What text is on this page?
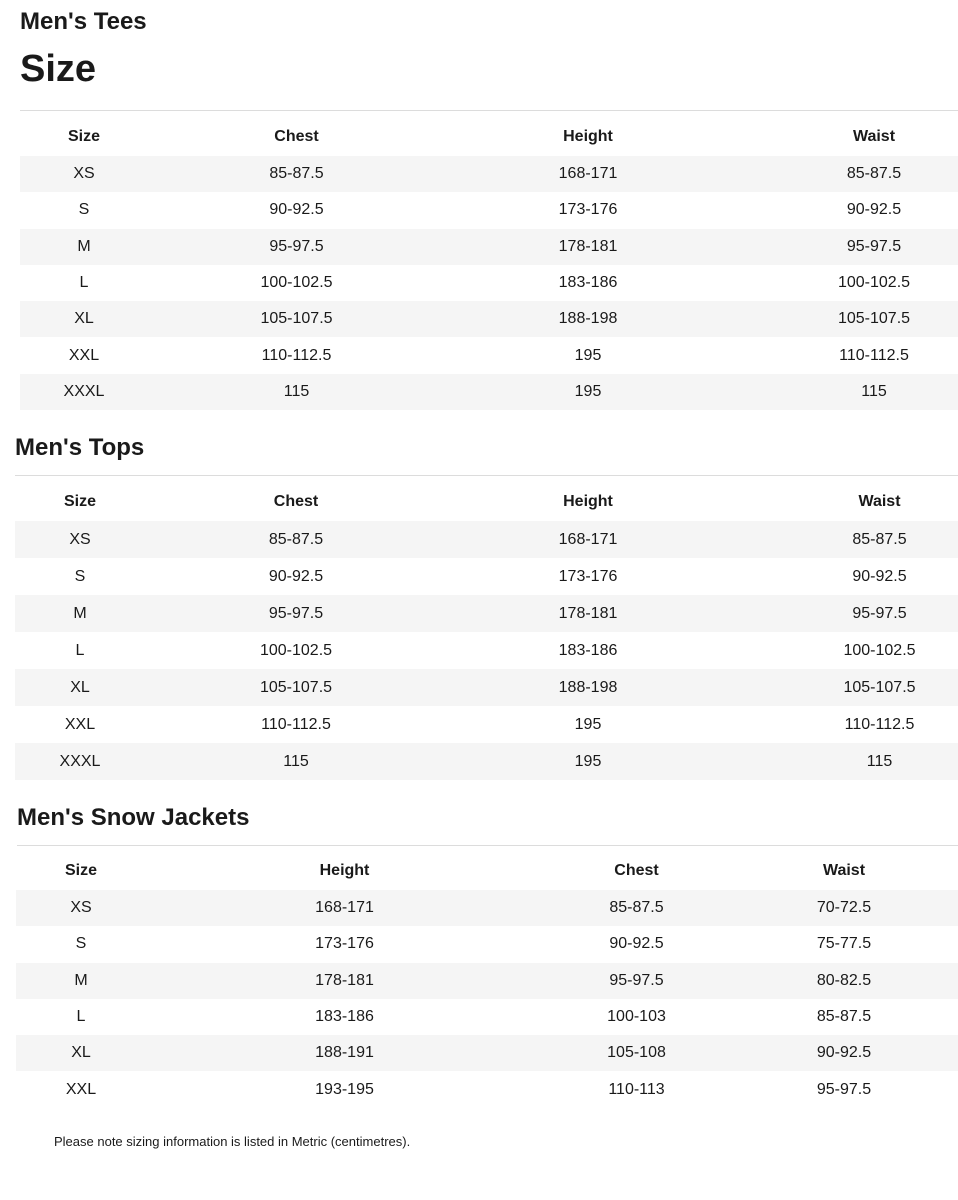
Men's Tees
Size
Size	Chest	Height	Waist
XS	85-87.5	168-171	85-87.5
S	90-92.5	173-176	90-92.5
M	95-97.5	178-181	95-97.5
L	100-102.5	183-186	100-102.5
XL	105-107.5	188-198	105-107.5
XXL	110-112.5	195	110-112.5
XXXL	115	195	115
Men's Tops
Size	Chest	Height	Waist
XS	85-87.5	168-171	85-87.5
S	90-92.5	173-176	90-92.5
M	95-97.5	178-181	95-97.5
L	100-102.5	183-186	100-102.5
XL	105-107.5	188-198	105-107.5
XXL	110-112.5	195	110-112.5
XXXL	115	195	115
Men's Snow Jackets
Size	Height	Chest	Waist
XS	168-171	85-87.5	70-72.5
S	173-176	90-92.5	75-77.5
M	178-181	95-97.5	80-82.5
L	183-186	100-103	85-87.5
XL	188-191	105-108	90-92.5
XXL	193-195	110-113	95-97.5
Please note sizing information is listed in Metric (centimetres).
